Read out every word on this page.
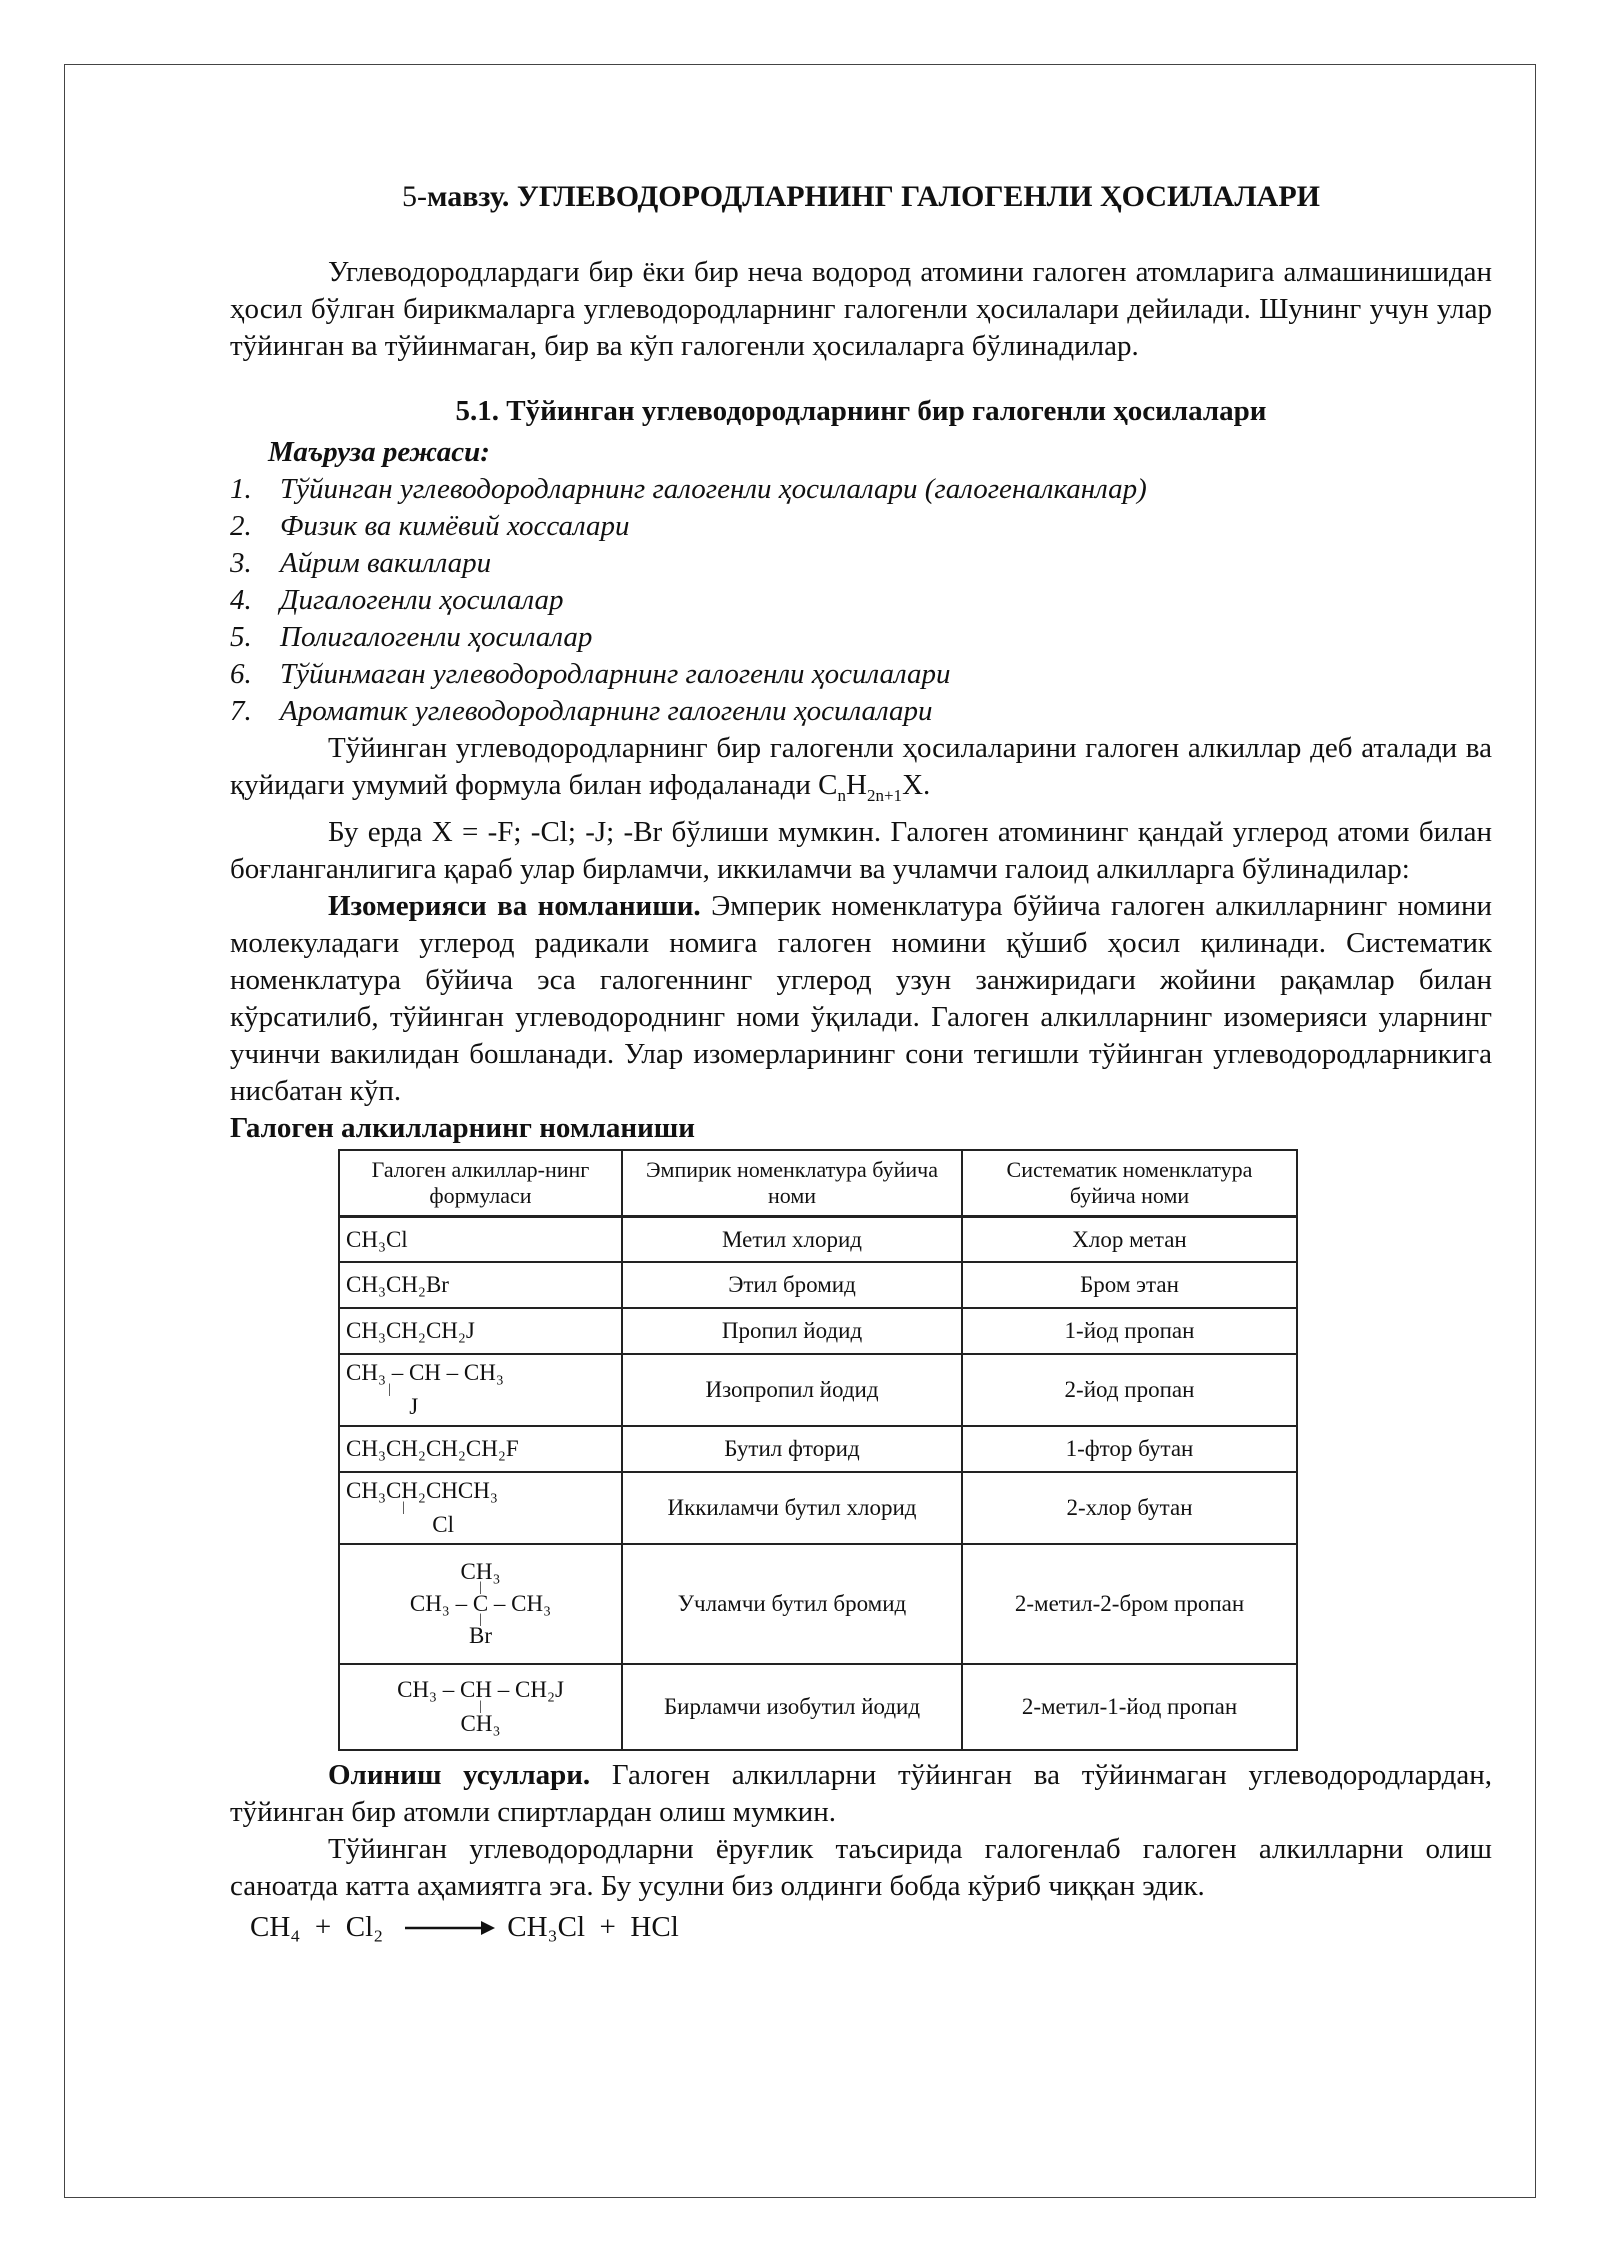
5-мавзу. УГЛЕВОДОРОДЛАРНИНГ ГАЛОГЕНЛИ ҲОСИЛАЛАРИ

Углеводородлардаги бир ёки бир неча водород атомини галоген атомларига алмашинишидан ҳосил бўлган бирикмаларга углеводородларнинг галогенли ҳосилалари дейилади. Шунинг учун улар тўйинган ва тўйинмаган, бир ва кўп галогенли ҳосилаларга бўлинадилар.

5.1. Тўйинган углеводородларнинг бир галогенли ҳосилалари
Маъруза режаси:
1. Тўйинган углеводородларнинг галогенли ҳосилалари (галогеналканлар)
2. Физик ва кимёвий хоссалари
3. Айрим вакиллари
4. Дигалогенли ҳосилалар
5. Полигалогенли ҳосилалар
6. Тўйинмаган углеводородларнинг галогенли ҳосилалари
7. Ароматик углеводородларнинг галогенли ҳосилалари

Тўйинган углеводородларнинг бир галогенли ҳосилаларини галоген алкиллар деб аталади ва қуйидаги умумий формула билан ифодаланади $C_nH_{2n+1}X$.

Бу ерда X = -F; -Cl; -J; -Br бўлиши мумкин. Галоген атомининг қандай углерод атоми билан боғланганлигига қараб улар бирламчи, иккиламчи ва учламчи галоид алкилларга бўлинадилар:

Изомерияси ва номланиши. Эмперик номенклатура бўйича галоген алкилларнинг номини молекуладаги углерод радикали номига галоген номини қўшиб ҳосил қилинади. Систематик номенклатура бўйича эса галогеннинг углерод узун занжиридаги жойини рақамлар билан кўрсатилиб, тўйинган углеводороднинг номи ўқилади. Галоген алкилларнинг изомерияси уларнинг учинчи вакилидан бошланади. Улар изомерларининг сони тегишли тўйинган углеводородларникига нисбатан кўп.

Галоген алкилларнинг номланиши
Галоген алкиллар-нинг формуласи	Эмпирик номенклатура буйича номи	Систематик номенклатура буйича номи

CH₃Cl	Метил хлорид	Хлор метан

CH₃CH₂Br	Этил бромид	Бром этан

CH₃CH₂CH₂J	Пропил йодид	1-йод пропан

CH₃ – CH – CH₃
|
J	Изопропил йодид	2-йод пропан

CH₃CH₂CH₂CH₂F	Бутил фторид	1-фтор бутан

CH₃CH₂CHCH₃
|
Cl	Иккиламчи бутил хлорид	2-хлор бутан

CH₃
|
CH₃ – C – CH₃
|
Br	Учламчи бутил бромид	2-метил-2-бром пропан

CH₃ – CH – CH₂J
|
CH₃	Бирламчи изобутил йодид	2-метил-1-йод пропан

Олиниш усуллари. Галоген алкилларни тўйинган ва тўйинмаган углеводородлардан, тўйинган бир атомли спиртлардан олиш мумкин.

Тўйинган углеводородларни ёруғлик таъсирида галогенлаб галоген алкилларни олиш саноатда катта аҳамиятга эга. Бу усулни биз олдинги бобда кўриб чиққан эдик.

CH₄  +  Cl₂ → CH₃Cl  +  HCl
